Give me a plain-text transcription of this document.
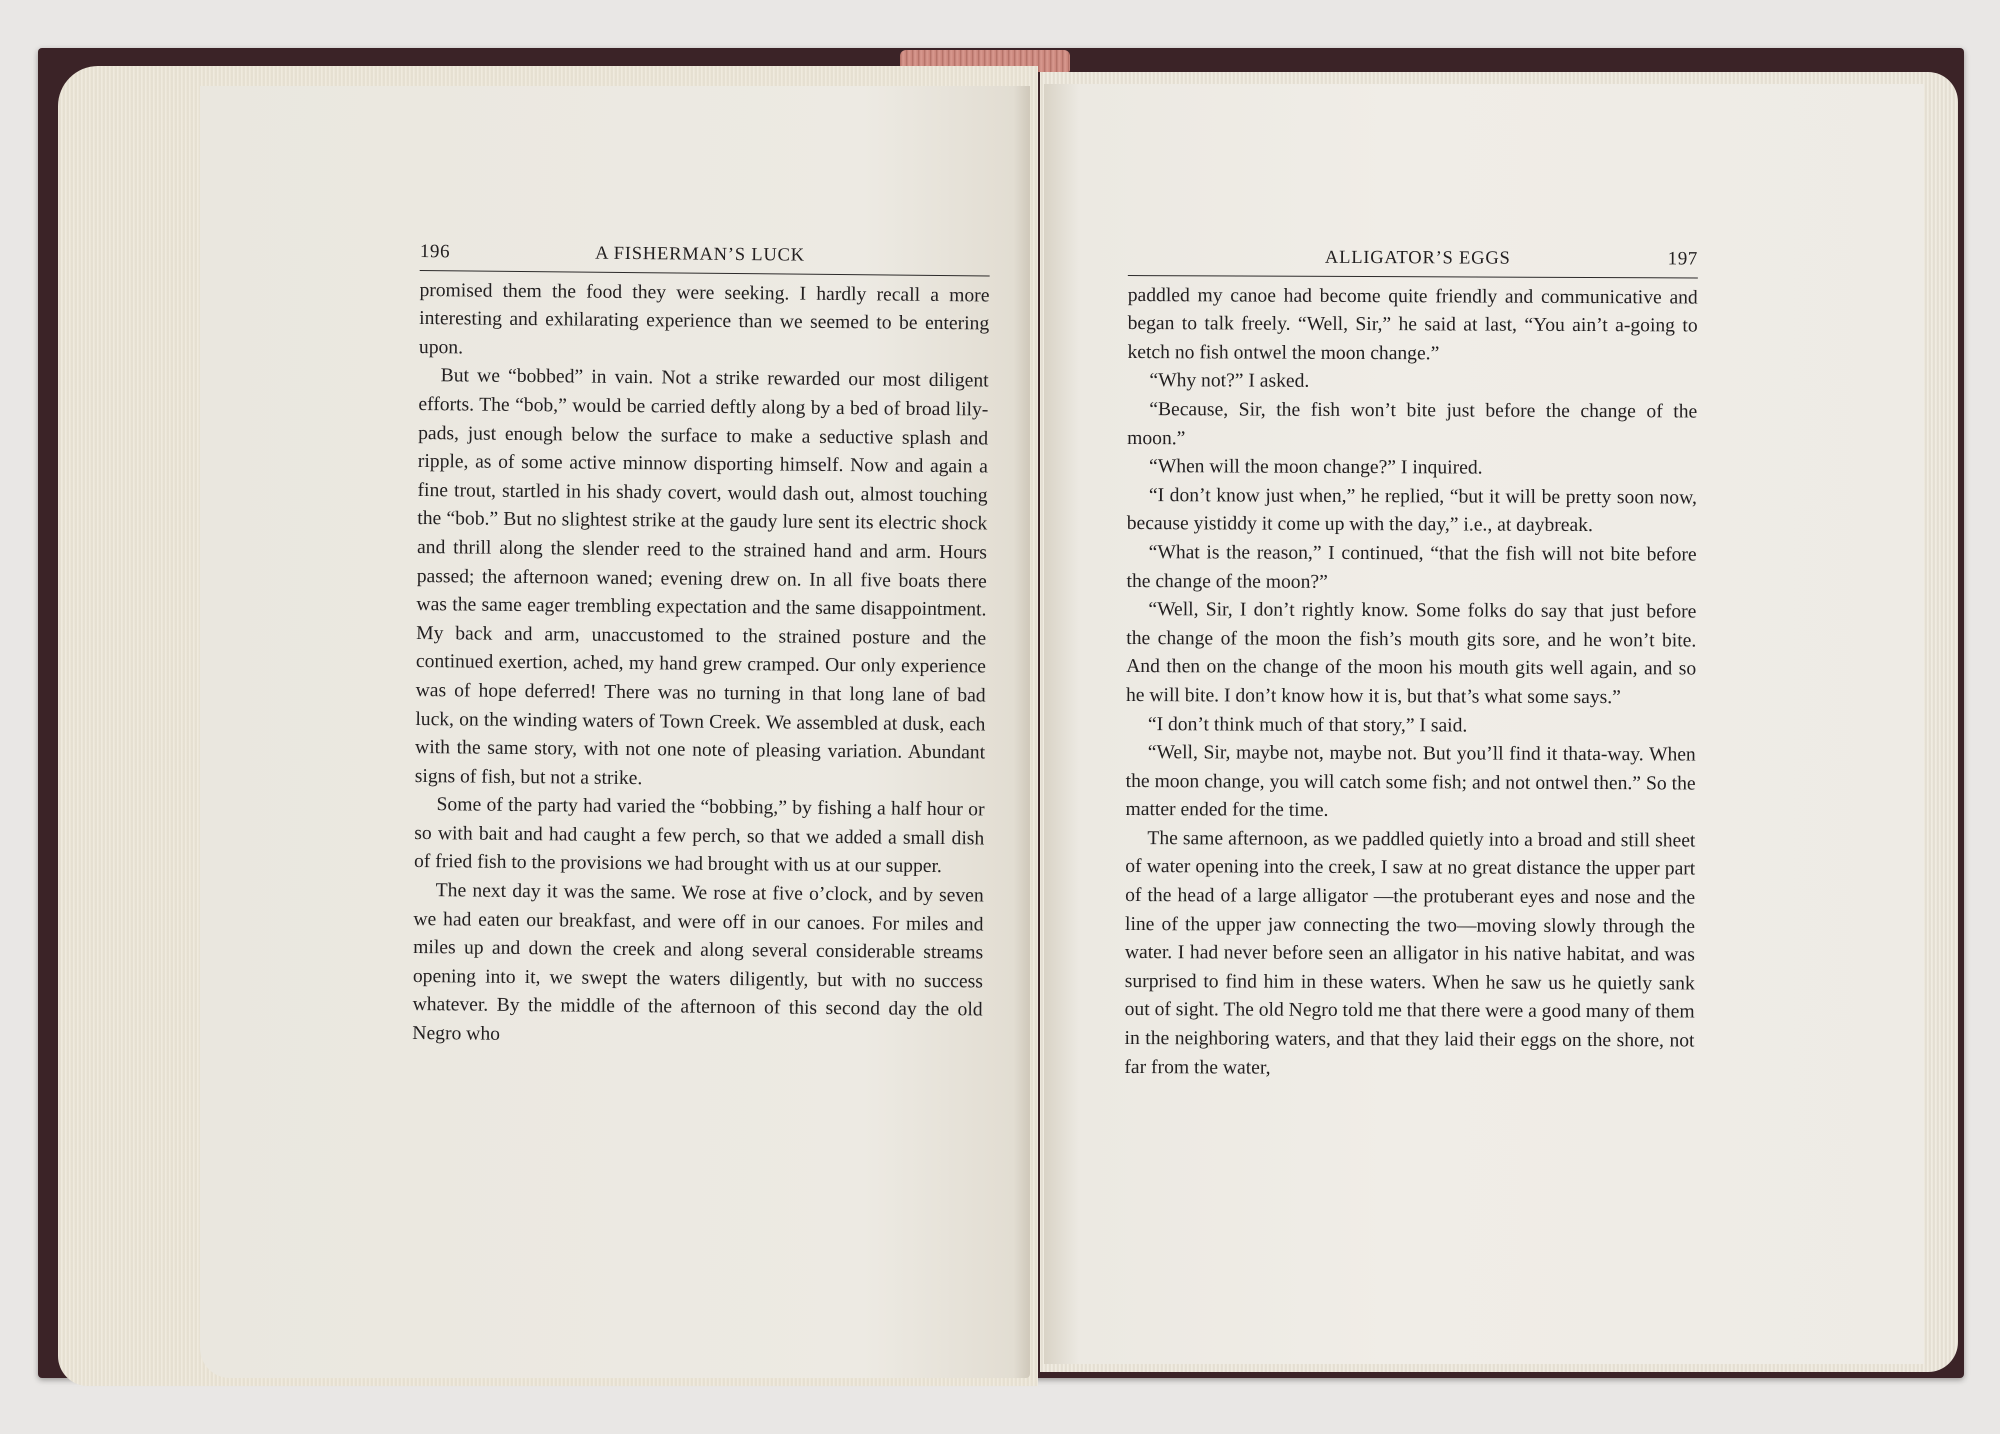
196	A FISHERMAN’S LUCK

promised them the food they were seeking. I hardly recall a more interesting and exhilarating experience than we seemed to be entering upon.

But we “bobbed” in vain. Not a strike rewarded our most diligent efforts. The “bob,” would be carried deftly along by a bed of broad lily-pads, just enough below the surface to make a seductive splash and ripple, as of some active minnow disporting himself. Now and again a fine trout, startled in his shady covert, would dash out, almost touching the “bob.” But no slightest strike at the gaudy lure sent its electric shock and thrill along the slender reed to the strained hand and arm. Hours passed; the afternoon waned; evening drew on. In all five boats there was the same eager trembling expectation and the same disappointment. My back and arm, unaccustomed to the strained posture and the continued exertion, ached, my hand grew cramped. Our only experience was of hope deferred! There was no turning in that long lane of bad luck, on the winding waters of Town Creek. We assembled at dusk, each with the same story, with not one note of pleasing variation. Abundant signs of fish, but not a strike.

Some of the party had varied the “bobbing,” by fishing a half hour or so with bait and had caught a few perch, so that we added a small dish of fried fish to the provisions we had brought with us at our supper.

The next day it was the same. We rose at five o’clock, and by seven we had eaten our breakfast, and were off in our canoes. For miles and miles up and down the creek and along several considerable streams opening into it, we swept the waters diligently, but with no success whatever. By the middle of the afternoon of this second day the old Negro who

ALLIGATOR’S EGGS	197

paddled my canoe had become quite friendly and communicative and began to talk freely. “Well, Sir,” he said at last, “You ain’t a-going to ketch no fish ontwel the moon change.”

“Why not?” I asked.

“Because, Sir, the fish won’t bite just before the change of the moon.”

“When will the moon change?” I inquired.

“I don’t know just when,” he replied, “but it will be pretty soon now, because yistiddy it come up with the day,” i.e., at daybreak.

“What is the reason,” I continued, “that the fish will not bite before the change of the moon?”

“Well, Sir, I don’t rightly know. Some folks do say that just before the change of the moon the fish’s mouth gits sore, and he won’t bite. And then on the change of the moon his mouth gits well again, and so he will bite. I don’t know how it is, but that’s what some says.”

“I don’t think much of that story,” I said.

“Well, Sir, maybe not, maybe not. But you’ll find it thata-way. When the moon change, you will catch some fish; and not ontwel then.” So the matter ended for the time.

The same afternoon, as we paddled quietly into a broad and still sheet of water opening into the creek, I saw at no great distance the upper part of the head of a large alligator —the protuberant eyes and nose and the line of the upper jaw connecting the two—moving slowly through the water. I had never before seen an alligator in his native habitat, and was surprised to find him in these waters. When he saw us he quietly sank out of sight. The old Negro told me that there were a good many of them in the neighboring waters, and that they laid their eggs on the shore, not far from the water,
